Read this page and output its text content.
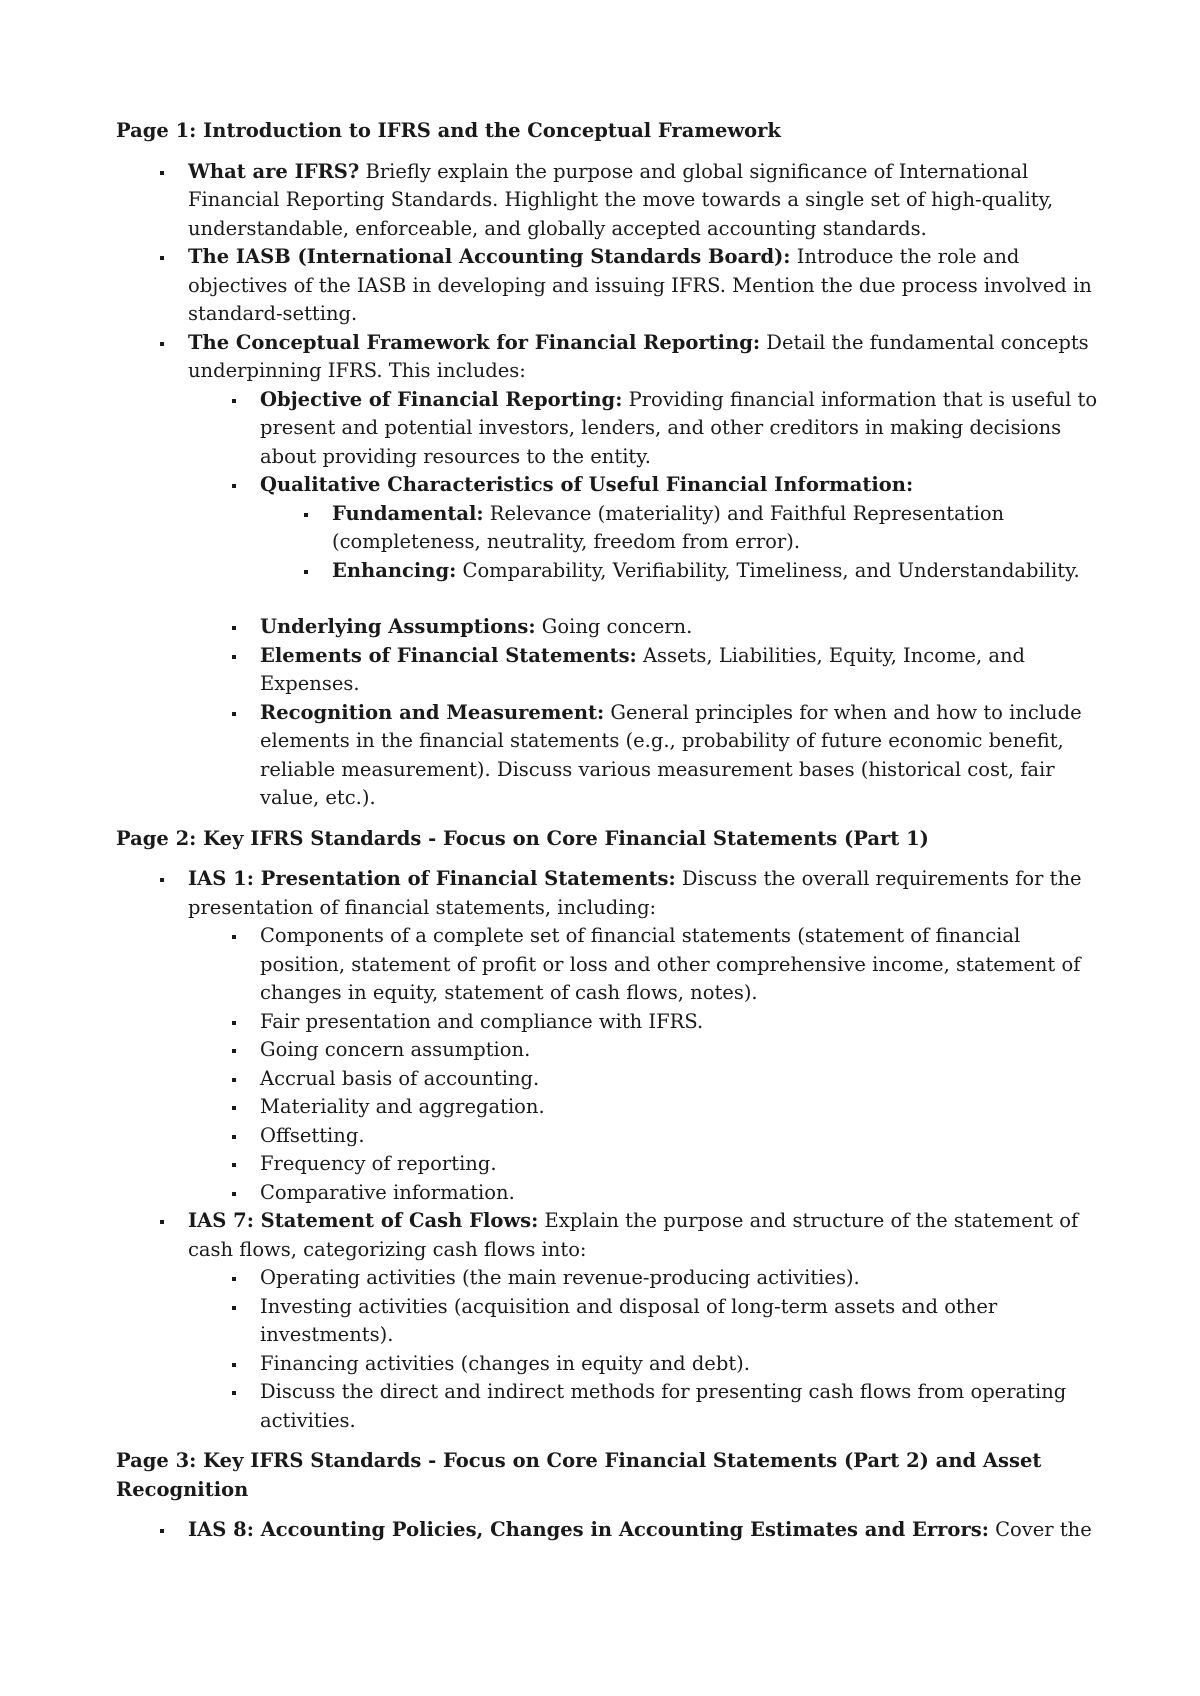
Page 1: Introduction to IFRS and the Conceptual Framework
What are IFRS? Briefly explain the purpose and global significance of International Financial Reporting Standards. Highlight the move towards a single set of high-quality, understandable, enforceable, and globally accepted accounting standards.
The IASB (International Accounting Standards Board): Introduce the role and objectives of the IASB in developing and issuing IFRS. Mention the due process involved in standard-setting.
The Conceptual Framework for Financial Reporting: Detail the fundamental concepts underpinning IFRS. This includes:
Objective of Financial Reporting: Providing financial information that is useful to present and potential investors, lenders, and other creditors in making decisions about providing resources to the entity.
Qualitative Characteristics of Useful Financial Information:
Fundamental: Relevance (materiality) and Faithful Representation (completeness, neutrality, freedom from error).
Enhancing: Comparability, Verifiability, Timeliness, and Understandability.
Underlying Assumptions: Going concern.
Elements of Financial Statements: Assets, Liabilities, Equity, Income, and Expenses.
Recognition and Measurement: General principles for when and how to include elements in the financial statements (e.g., probability of future economic benefit, reliable measurement). Discuss various measurement bases (historical cost, fair value, etc.).
Page 2: Key IFRS Standards - Focus on Core Financial Statements (Part 1)
IAS 1: Presentation of Financial Statements: Discuss the overall requirements for the presentation of financial statements, including:
Components of a complete set of financial statements (statement of financial position, statement of profit or loss and other comprehensive income, statement of changes in equity, statement of cash flows, notes).
Fair presentation and compliance with IFRS.
Going concern assumption.
Accrual basis of accounting.
Materiality and aggregation.
Offsetting.
Frequency of reporting.
Comparative information.
IAS 7: Statement of Cash Flows: Explain the purpose and structure of the statement of cash flows, categorizing cash flows into:
Operating activities (the main revenue-producing activities).
Investing activities (acquisition and disposal of long-term assets and other investments).
Financing activities (changes in equity and debt).
Discuss the direct and indirect methods for presenting cash flows from operating activities.
Page 3: Key IFRS Standards - Focus on Core Financial Statements (Part 2) and Asset Recognition
IAS 8: Accounting Policies, Changes in Accounting Estimates and Errors: Cover the
